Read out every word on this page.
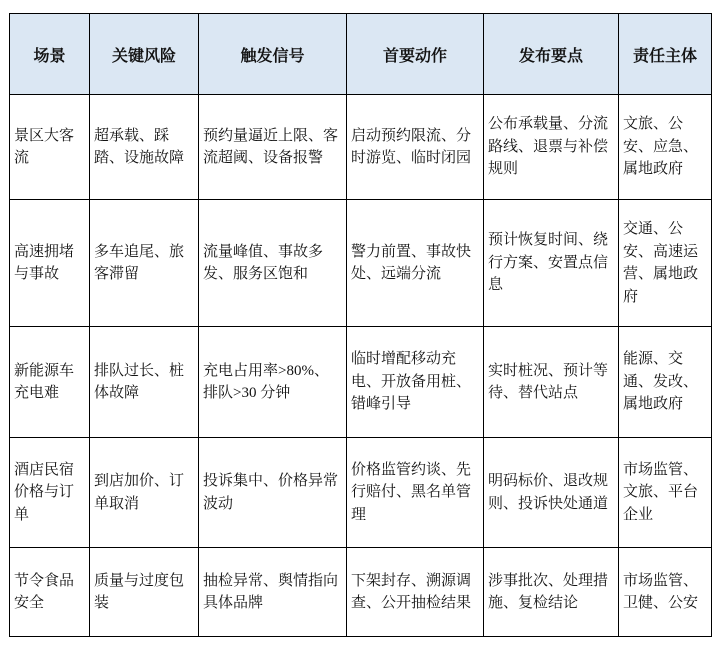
场景	关键风险	触发信号	首要动作	发布要点	责任主体
景区大客流	超承载、踩踏、设施故障	预约量逼近上限、客流超阈、设备报警	启动预约限流、分时游览、临时闭园	公布承载量、分流路线、退票与补偿规则	文旅、公安、应急、属地政府
高速拥堵与事故	多车追尾、旅客滞留	流量峰值、事故多发、服务区饱和	警力前置、事故快处、远端分流	预计恢复时间、绕行方案、安置点信息	交通、公安、高速运营、属地政府
新能源车充电难	排队过长、桩体故障	充电占用率>80%、排队>30 分钟	临时增配移动充电、开放备用桩、错峰引导	实时桩况、预计等待、替代站点	能源、交通、发改、属地政府
酒店民宿价格与订单	到店加价、订单取消	投诉集中、价格异常波动	价格监管约谈、先行赔付、黑名单管理	明码标价、退改规则、投诉快处通道	市场监管、文旅、平台企业
节令食品安全	质量与过度包装	抽检异常、舆情指向具体品牌	下架封存、溯源调查、公开抽检结果	涉事批次、处理措施、复检结论	市场监管、卫健、公安
